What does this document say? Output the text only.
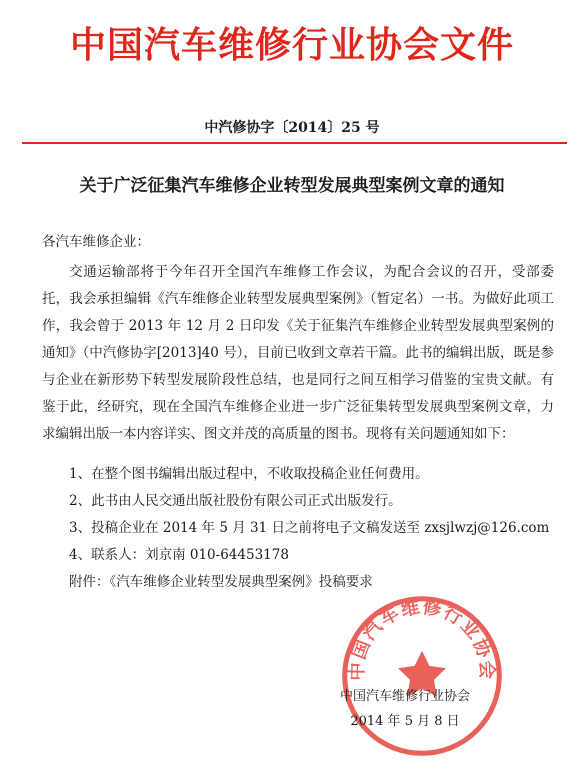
中国汽车维修行业协会文件
中汽修协字〔2014〕25 号
关于广泛征集汽车维修企业转型发展典型案例文章的通知
各汽车维修企业：
交通运输部将于今年召开全国汽车维修工作会议，为配合会议的召开，受部委托，我会承担编辑《汽车维修企业转型发展典型案例》（暂定名）一书。为做好此项工作，我会曾于 2013 年 12 月 2 日印发《关于征集汽车维修企业转型发展典型案例的通知》（中汽修协字[2013]40 号），目前已收到文章若干篇。此书的编辑出版，既是参与企业在新形势下转型发展阶段性总结，也是同行之间互相学习借鉴的宝贵文献。有鉴于此，经研究，现在全国汽车维修企业进一步广泛征集转型发展典型案例文章，力求编辑出版一本内容详实、图文并茂的高质量的图书。现将有关问题通知如下：
1、在整个图书编辑出版过程中，不收取投稿企业任何费用。
2、此书由人民交通出版社股份有限公司正式出版发行。
3、投稿企业在 2014 年 5 月 31 日之前将电子文稿发送至 zxsjlwzj@126.com
4、联系人：刘京南 010-64453178
附件：《汽车维修企业转型发展典型案例》投稿要求
中国汽车维修行业协会
中国汽车维修行业协会
2014 年 5 月 8 日
